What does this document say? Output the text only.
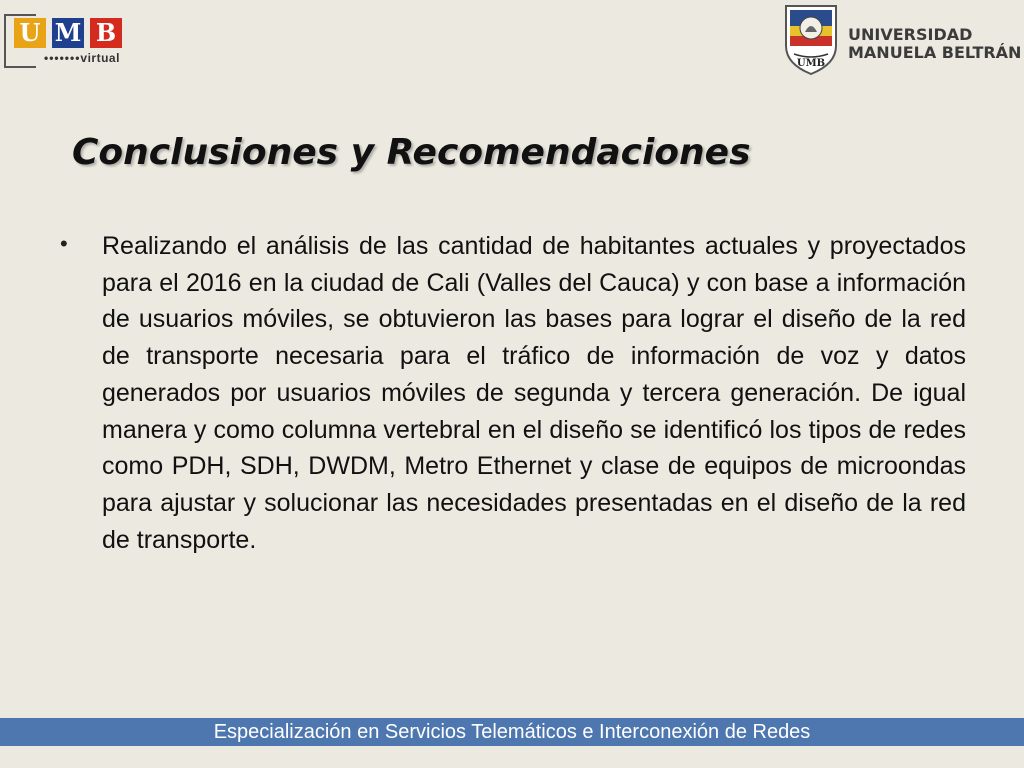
U M B
•••••••virtual	UMB
UNIVERSIDAD
MANUELA BELTRÁN
Conclusiones y Recomendaciones
• Realizando el análisis de las cantidad de habitantes actuales y proyectados para el 2016 en la ciudad de Cali (Valles del Cauca) y con base a información de usuarios móviles, se obtuvieron las bases para lograr el diseño de la red de transporte necesaria para el tráfico de información de voz y datos generados por usuarios móviles de segunda y tercera generación. De igual manera y como columna vertebral en el diseño se identificó los tipos de redes como PDH, SDH, DWDM, Metro Ethernet y clase de equipos de microondas para ajustar y solucionar las necesidades presentadas en el diseño de la red de transporte.
Especialización en Servicios Telemáticos e Interconexión de Redes
